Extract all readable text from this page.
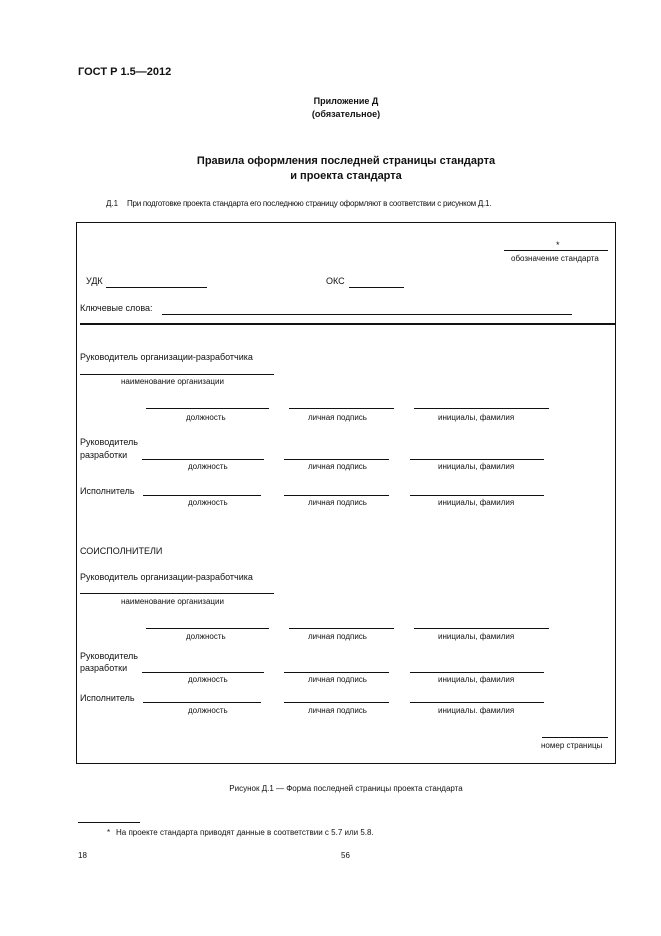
ГОСТ Р 1.5—2012
Приложение Д
(обязательное)
Правила оформления последней страницы стандарта
и проекта стандарта
Д.1 При подготовке проекта стандарта его последнюю страницу оформляют в соответствии с рисунком Д.1.
*
обозначение стандарта
УДК	ОКС
Ключевые слова:
Руководитель организации-разработчика
наименование организации
должность	личная подпись	инициалы, фамилия
Руководитель
разработки
должность	личная подпись	инициалы, фамилия
Исполнитель
должность	личная подпись	инициалы, фамилия
СОИСПОЛНИТЕЛИ
Руководитель организации-разработчика
наименование организации
должность	личная подпись	инициалы, фамилия
Руководитель
разработки
должность	личная подпись	инициалы, фамилия
Исполнитель
должность	личная подпись	инициалы. фамилия
номер страницы
Рисунок Д.1 — Форма последней страницы проекта стандарта
* На проекте стандарта приводят данные в соответствии с 5.7 или 5.8.
18	56
